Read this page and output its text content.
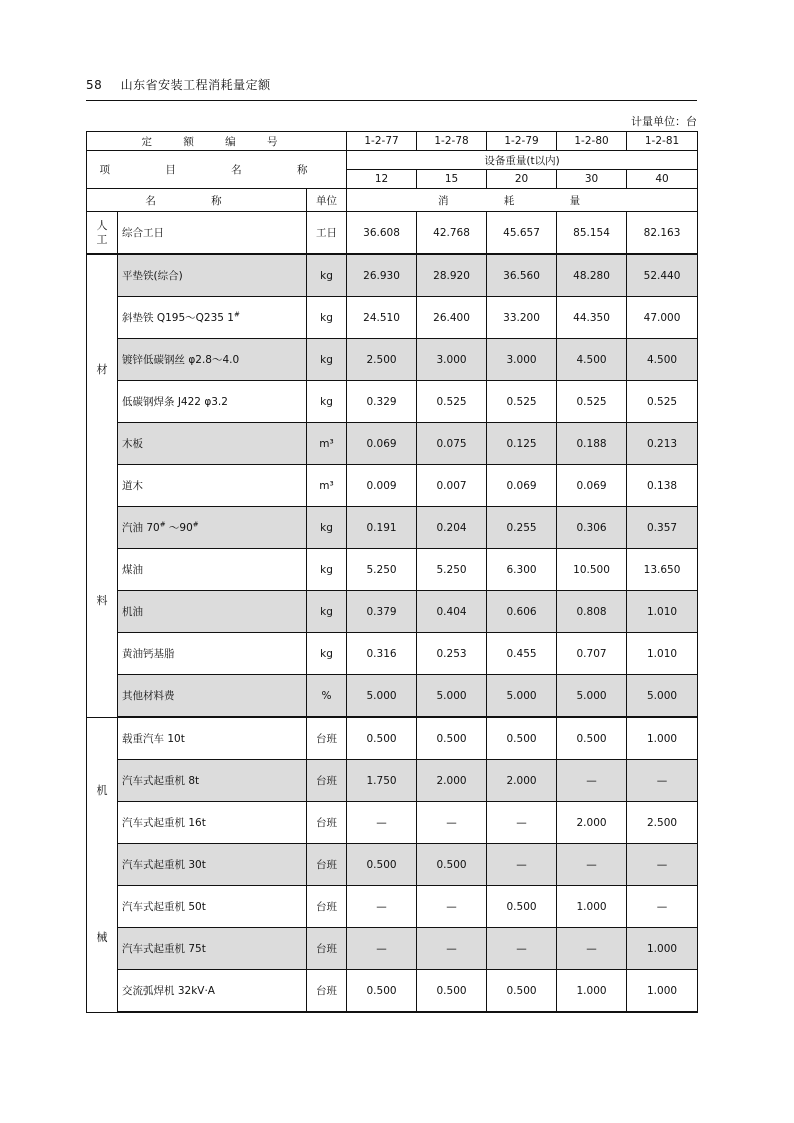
58 山东省安装工程消耗量定额
计量单位：台
定 额 编 号			1-2-77	1-2-78	1-2-79	1-2-80	1-2-81
项 目 名 称			设备重量(t以内)				
			12	15	20	30	40
名 称		单位	消 耗 量				
人工	综合工日	工日	36.608	42.768	45.657	85.154	82.163

材
料	平垫铁(综合)	kg	26.930	28.920	36.560	48.280	52.440
	斜垫铁 Q195～Q235 1#	kg	24.510	26.400	33.200	44.350	47.000
	镀锌低碳钢丝 φ2.8～4.0	kg	2.500	3.000	3.000	4.500	4.500
	低碳钢焊条 J422 φ3.2	kg	0.329	0.525	0.525	0.525	0.525
	木板	m³	0.069	0.075	0.125	0.188	0.213
	道木	m³	0.009	0.007	0.069	0.069	0.138
	汽油 70# ～90#	kg	0.191	0.204	0.255	0.306	0.357
	煤油	kg	5.250	5.250	6.300	10.500	13.650
	机油	kg	0.379	0.404	0.606	0.808	1.010
	黄油钙基脂	kg	0.316	0.253	0.455	0.707	1.010
	其他材料费	%	5.000	5.000	5.000	5.000	5.000

机
械	载重汽车 10t	台班	0.500	0.500	0.500	0.500	1.000
	汽车式起重机 8t	台班	1.750	2.000	2.000	—	—
	汽车式起重机 16t	台班	—	—	—	2.000	2.500
	汽车式起重机 30t	台班	0.500	0.500	—	—	—
	汽车式起重机 50t	台班	—	—	0.500	1.000	—
	汽车式起重机 75t	台班	—	—	—	—	1.000
	交流弧焊机 32kV·A	台班	0.500	0.500	0.500	1.000	1.000
